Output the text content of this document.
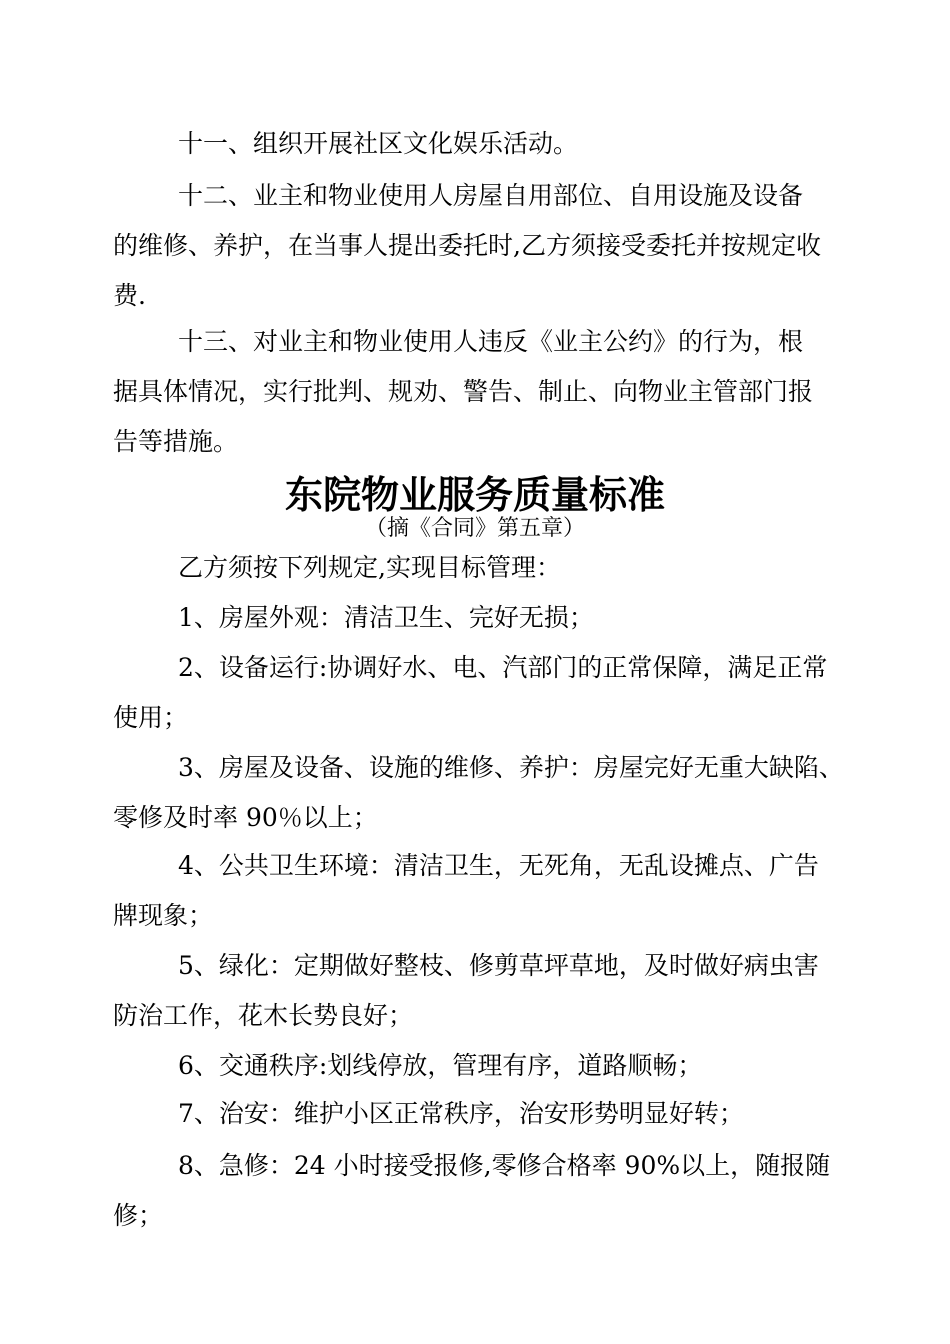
十一、组织开展社区文化娱乐活动。
十二、业主和物业使用人房屋自用部位、自用设施及设备
的维修、养护，在当事人提出委托时,乙方须接受委托并按规定收
费.
十三、对业主和物业使用人违反《业主公约》的行为，根
据具体情况，实行批判、规劝、警告、制止、向物业主管部门报
告等措施。
东院物业服务质量标准
（摘《合同》第五章）
乙方须按下列规定,实现目标管理：
1、房屋外观：清洁卫生、完好无损；
2、设备运行:协调好水、电、汽部门的正常保障，满足正常
使用；
3、房屋及设备、设施的维修、养护：房屋完好无重大缺陷、
零修及时率 90％以上；
4、公共卫生环境：清洁卫生，无死角，无乱设摊点、广告
牌现象；
5、绿化：定期做好整枝、修剪草坪草地，及时做好病虫害
防治工作，花木长势良好；
6、交通秩序:划线停放，管理有序，道路顺畅；
7、治安：维护小区正常秩序，治安形势明显好转；
8、急修：24 小时接受报修,零修合格率 90%以上，随报随
修；
